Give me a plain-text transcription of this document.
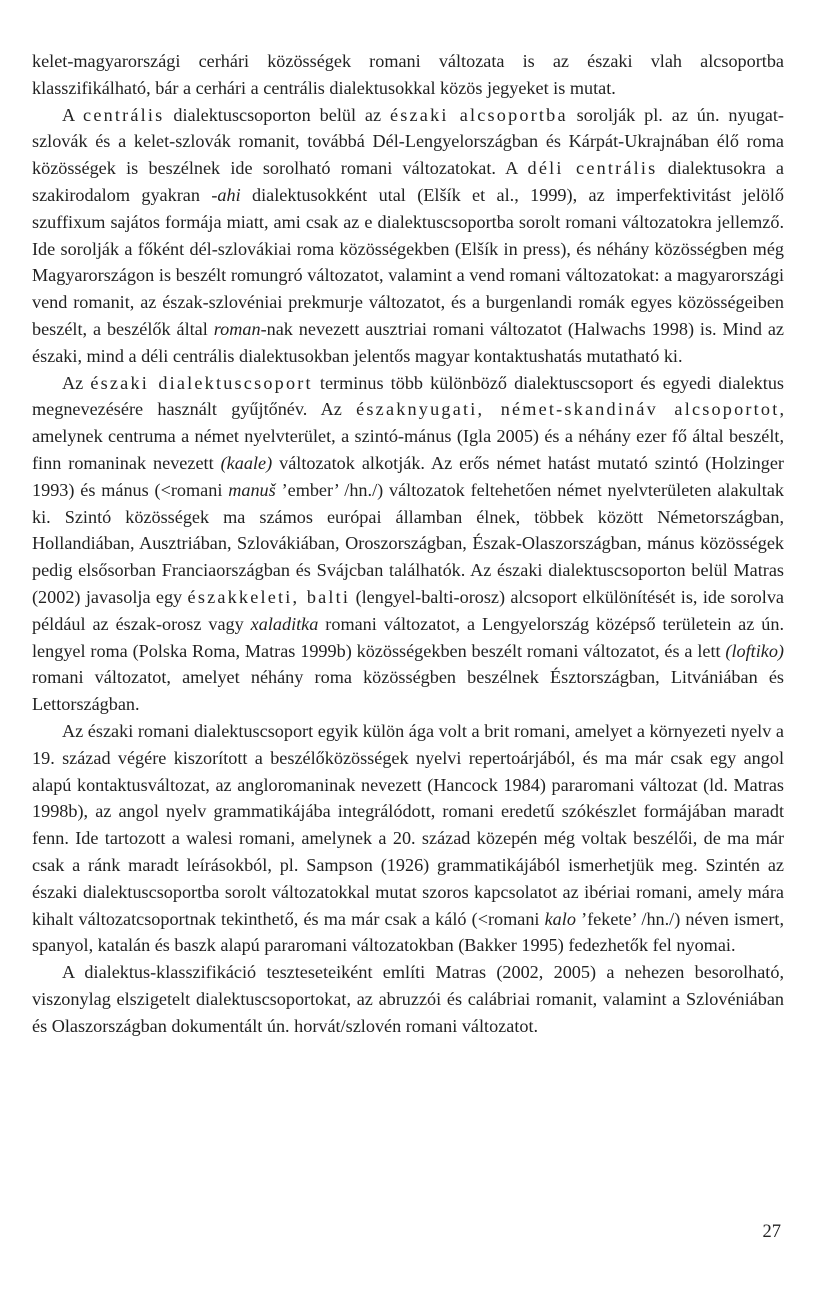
kelet-magyarországi cerhári közösségek romani változata is az északi vlah alcsoportba klasszifikálható, bár a cerhári a centrális dialektusokkal közös jegyeket is mutat.

A centrális dialektuscsoporton belül az északi alcsoportba sorolják pl. az ún. nyugat-szlovák és a kelet-szlovák romanit, továbbá Dél-Lengyelországban és Kárpát-Ukrajnában élő roma közösségek is beszélnek ide sorolható romani változatokat. A déli centrális dialektusokra a szakirodalom gyakran -ahi dialektusokként utal (Elšík et al., 1999), az imperfektivitást jelölő szuffixum sajátos formája miatt, ami csak az e dialektuscsoportba sorolt romani változatokra jellemző. Ide sorolják a főként dél-szlovákiai roma közösségekben (Elšík in press), és néhány közösségben még Magyarországon is beszélt romungró változatot, valamint a vend romani változatokat: a magyarországi vend romanit, az észak-szlovéniai prekmurje változatot, és a burgenlandi romák egyes közösségeiben beszélt, a beszélők által roman-nak nevezett ausztriai romani változatot (Halwachs 1998) is. Mind az északi, mind a déli centrális dialektusokban jelentős magyar kontaktushatás mutatható ki.

Az északi dialektuscsoport terminus több különböző dialektuscsoport és egyedi dialektus megnevezésére használt gyűjtőnév. Az északnyugati, német-skandináv alcsoportot, amelynek centruma a német nyelvterület, a szintó-mánus (Igla 2005) és a néhány ezer fő által beszélt, finn romaninak nevezett (kaale) változatok alkotják. Az erős német hatást mutató szintó (Holzinger 1993) és mánus (<romani manuš ’ember’ /hn./) változatok feltehetően német nyelvterületen alakultak ki. Szintó közösségek ma számos európai államban élnek, többek között Németországban, Hollandiában, Ausztriában, Szlovákiában, Oroszországban, Észak-Olaszországban, mánus közösségek pedig elsősorban Franciaországban és Svájcban találhatók. Az északi dialektuscsoporton belül Matras (2002) javasolja egy északkeleti, balti (lengyel-balti-orosz) alcsoport elkülönítését is, ide sorolva például az észak-orosz vagy xaladitka romani változatot, a Lengyelország középső területein az ún. lengyel roma (Polska Roma, Matras 1999b) közösségekben beszélt romani változatot, és a lett (loftiko) romani változatot, amelyet néhány roma közösségben beszélnek Észtországban, Litvániában és Lettországban.

Az északi romani dialektuscsoport egyik külön ága volt a brit romani, amelyet a környezeti nyelv a 19. század végére kiszorított a beszélőközösségek nyelvi repertoárjából, és ma már csak egy angol alapú kontaktusváltozat, az angloromaninak nevezett (Hancock 1984) pararomani változat (ld. Matras 1998b), az angol nyelv grammatikájába integrálódott, romani eredetű szókészlet formájában maradt fenn. Ide tartozott a walesi romani, amelynek a 20. század közepén még voltak beszélői, de ma már csak a ránk maradt leírásokból, pl. Sampson (1926) grammatikájából ismerhetjük meg. Szintén az északi dialektuscsoportba sorolt változatokkal mutat szoros kapcsolatot az ibériai romani, amely mára kihalt változatcsoportnak tekinthető, és ma már csak a káló (<romani kalo ’fekete’ /hn./) néven ismert, spanyol, katalán és baszk alapú pararomani változatokban (Bakker 1995) fedezhetők fel nyomai.

A dialektus-klasszifikáció teszteseteiként említi Matras (2002, 2005) a nehezen besorolható, viszonylag elszigetelt dialektuscsoportokat, az abruzzói és calábriai romanit, valamint a Szlovéniában és Olaszországban dokumentált ún. horvát/szlovén romani változatot.

27
